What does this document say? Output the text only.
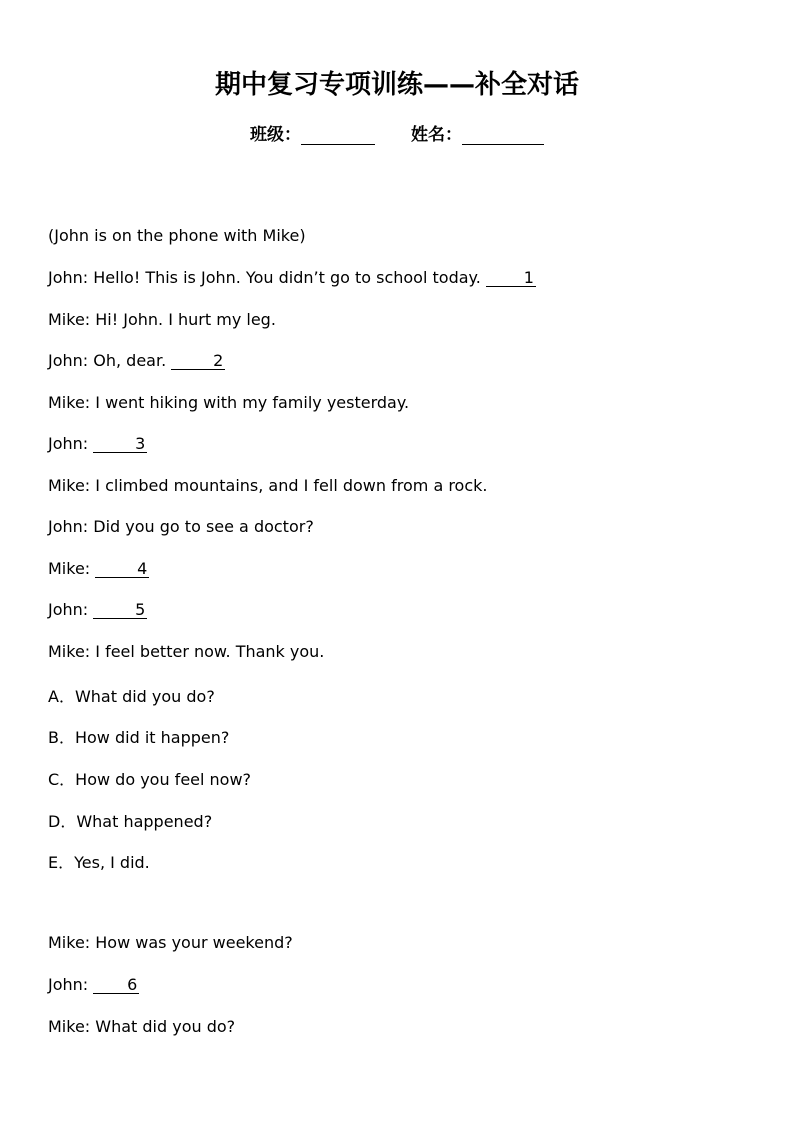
期中复习专项训练——补全对话
班级：	姓名：
(John is on the phone with Mike)
John: Hello! This is John. You didn’t go to school today. 1
Mike: Hi! John. I hurt my leg.
John: Oh, dear.	2
Mike: I went hiking with my family yesterday.
John:	3
Mike: I climbed mountains, and I fell down from a rock.
John: Did you go to see a doctor?
Mike:	4
John:	5
Mike: I feel better now. Thank you.
A．What did you do?
B．How did it happen?
C．How do you feel now?
D．What happened?
E．Yes, I did.
Mike: How was your weekend?
John: 6
Mike: What did you do?
